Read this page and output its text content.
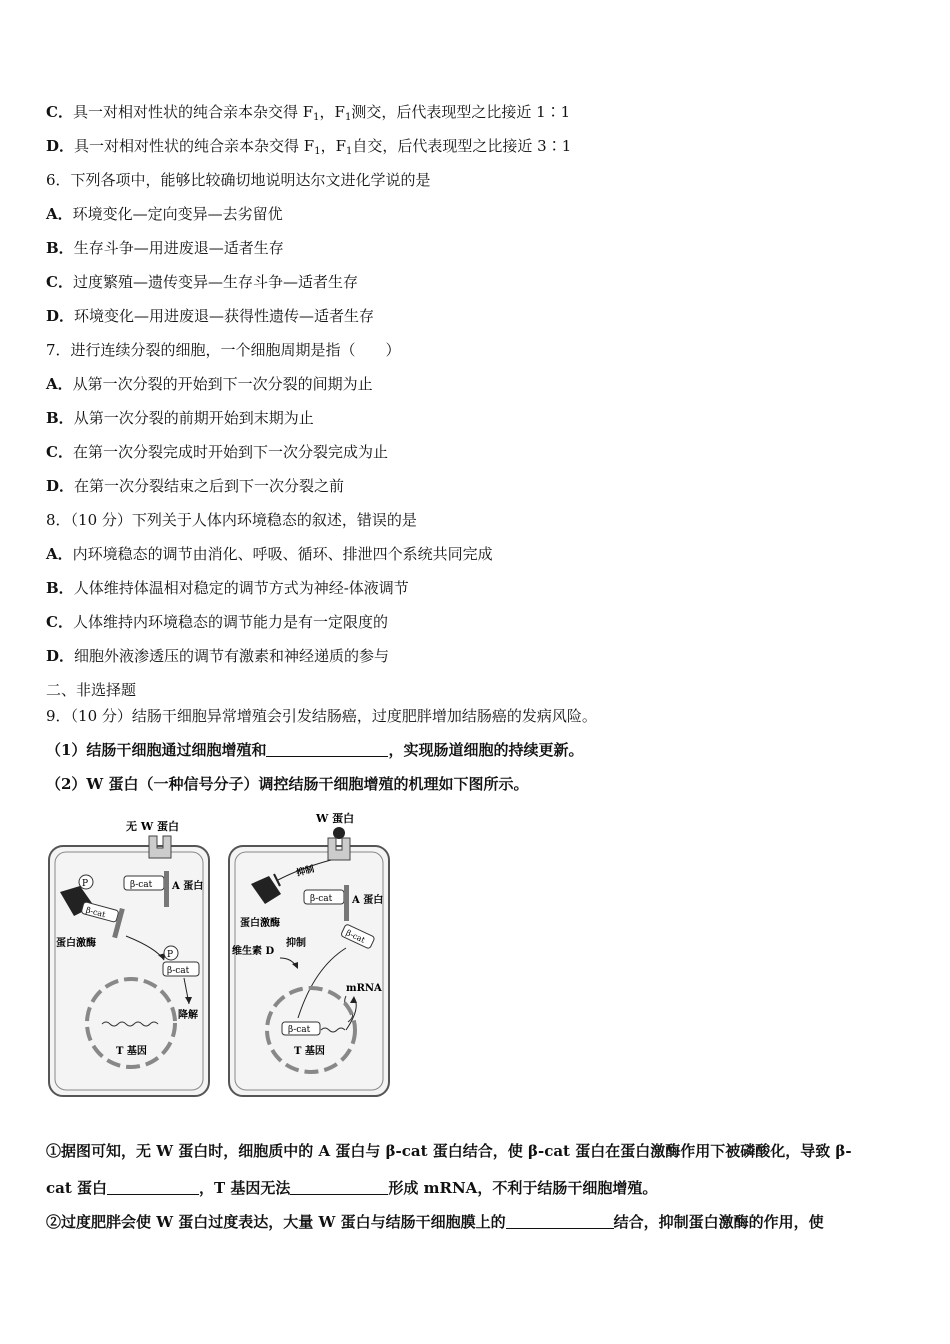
C．具一对相对性状的纯合亲本杂交得 $F_1$，$F_1$测交，后代表现型之比接近 1∶1
D．具一对相对性状的纯合亲本杂交得 $F_1$，$F_1$自交，后代表现型之比接近 3∶1
6．下列各项中，能够比较确切地说明达尔文进化学说的是
A．环境变化—定向变异—去劣留优
B．生存斗争—用进废退—适者生存
C．过度繁殖—遗传变异—生存斗争—适者生存
D．环境变化—用进废退—获得性遗传—适者生存
7．进行连续分裂的细胞，一个细胞周期是指（　　）
A．从第一次分裂的开始到下一次分裂的间期为止
B．从第一次分裂的前期开始到末期为止
C．在第一次分裂完成时开始到下一次分裂完成为止
D．在第一次分裂结束之后到下一次分裂之前
8．（10 分）下列关于人体内环境稳态的叙述，错误的是
A．内环境稳态的调节由消化、呼吸、循环、排泄四个系统共同完成
B．人体维持体温相对稳定的调节方式为神经-体液调节
C．人体维持内环境稳态的调节能力是有一定限度的
D．细胞外液渗透压的调节有激素和神经递质的参与
二、非选择题
9．（10 分）结肠干细胞异常增殖会引发结肠癌，过度肥胖增加结肠癌的发病风险。
（1）结肠干细胞通过细胞增殖和	，实现肠道细胞的持续更新。
（2）W 蛋白（一种信号分子）调控结肠干细胞增殖的机理如下图所示。
无 W 蛋白
P	β-cat A 蛋白
β-cat
蛋白激酶
P
β-cat
降解
T 基因
W 蛋白
抑制
蛋白激酶
β-cat A 蛋白
维生素 D
抑制	β-cat
mRNA
β-cat
T 基因
①据图可知，无 W 蛋白时，细胞质中的 A 蛋白与 β-cat 蛋白结合，使 β-cat 蛋白在蛋白激酶作用下被磷酸化，导致 β-
cat 蛋白	，T 基因无法	形成 mRNA，不利于结肠干细胞增殖。
②过度肥胖会使 W 蛋白过度表达，大量 W 蛋白与结肠干细胞膜上的	结合，抑制蛋白激酶的作用，使
